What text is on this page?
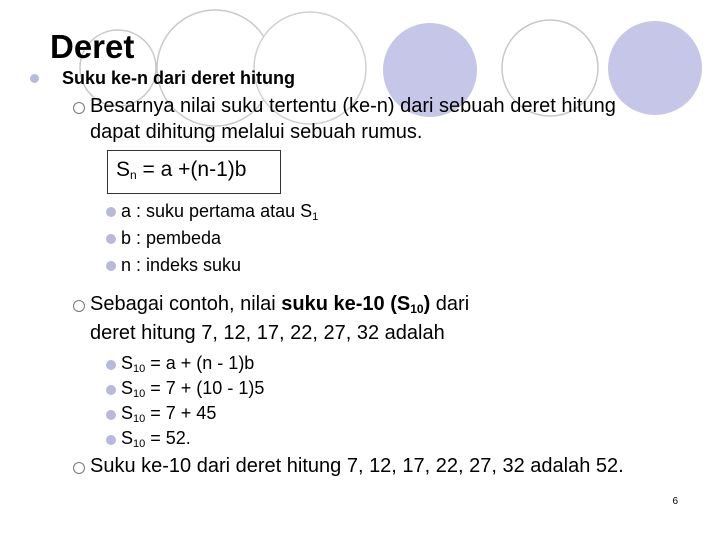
Deret
Suku ke-n dari deret hitung
Besarnya nilai suku tertentu (ke-n) dari sebuah deret hitung
dapat dihitung melalui sebuah rumus.
$S_n = a +(n-1)b$
a : suku pertama atau S1
b : pembeda
n : indeks suku
Sebagai contoh, nilai suku ke-10 $(S_{10})$ dari
deret hitung 7, 12, 17, 22, 27, 32 adalah
S10 = a + (n - 1)b
S10 = 7 + (10 - 1)5
S10 = 7 + 45
S10 = 52.
Suku ke-10 dari deret hitung 7, 12, 17, 22, 27, 32 adalah 52.
6
